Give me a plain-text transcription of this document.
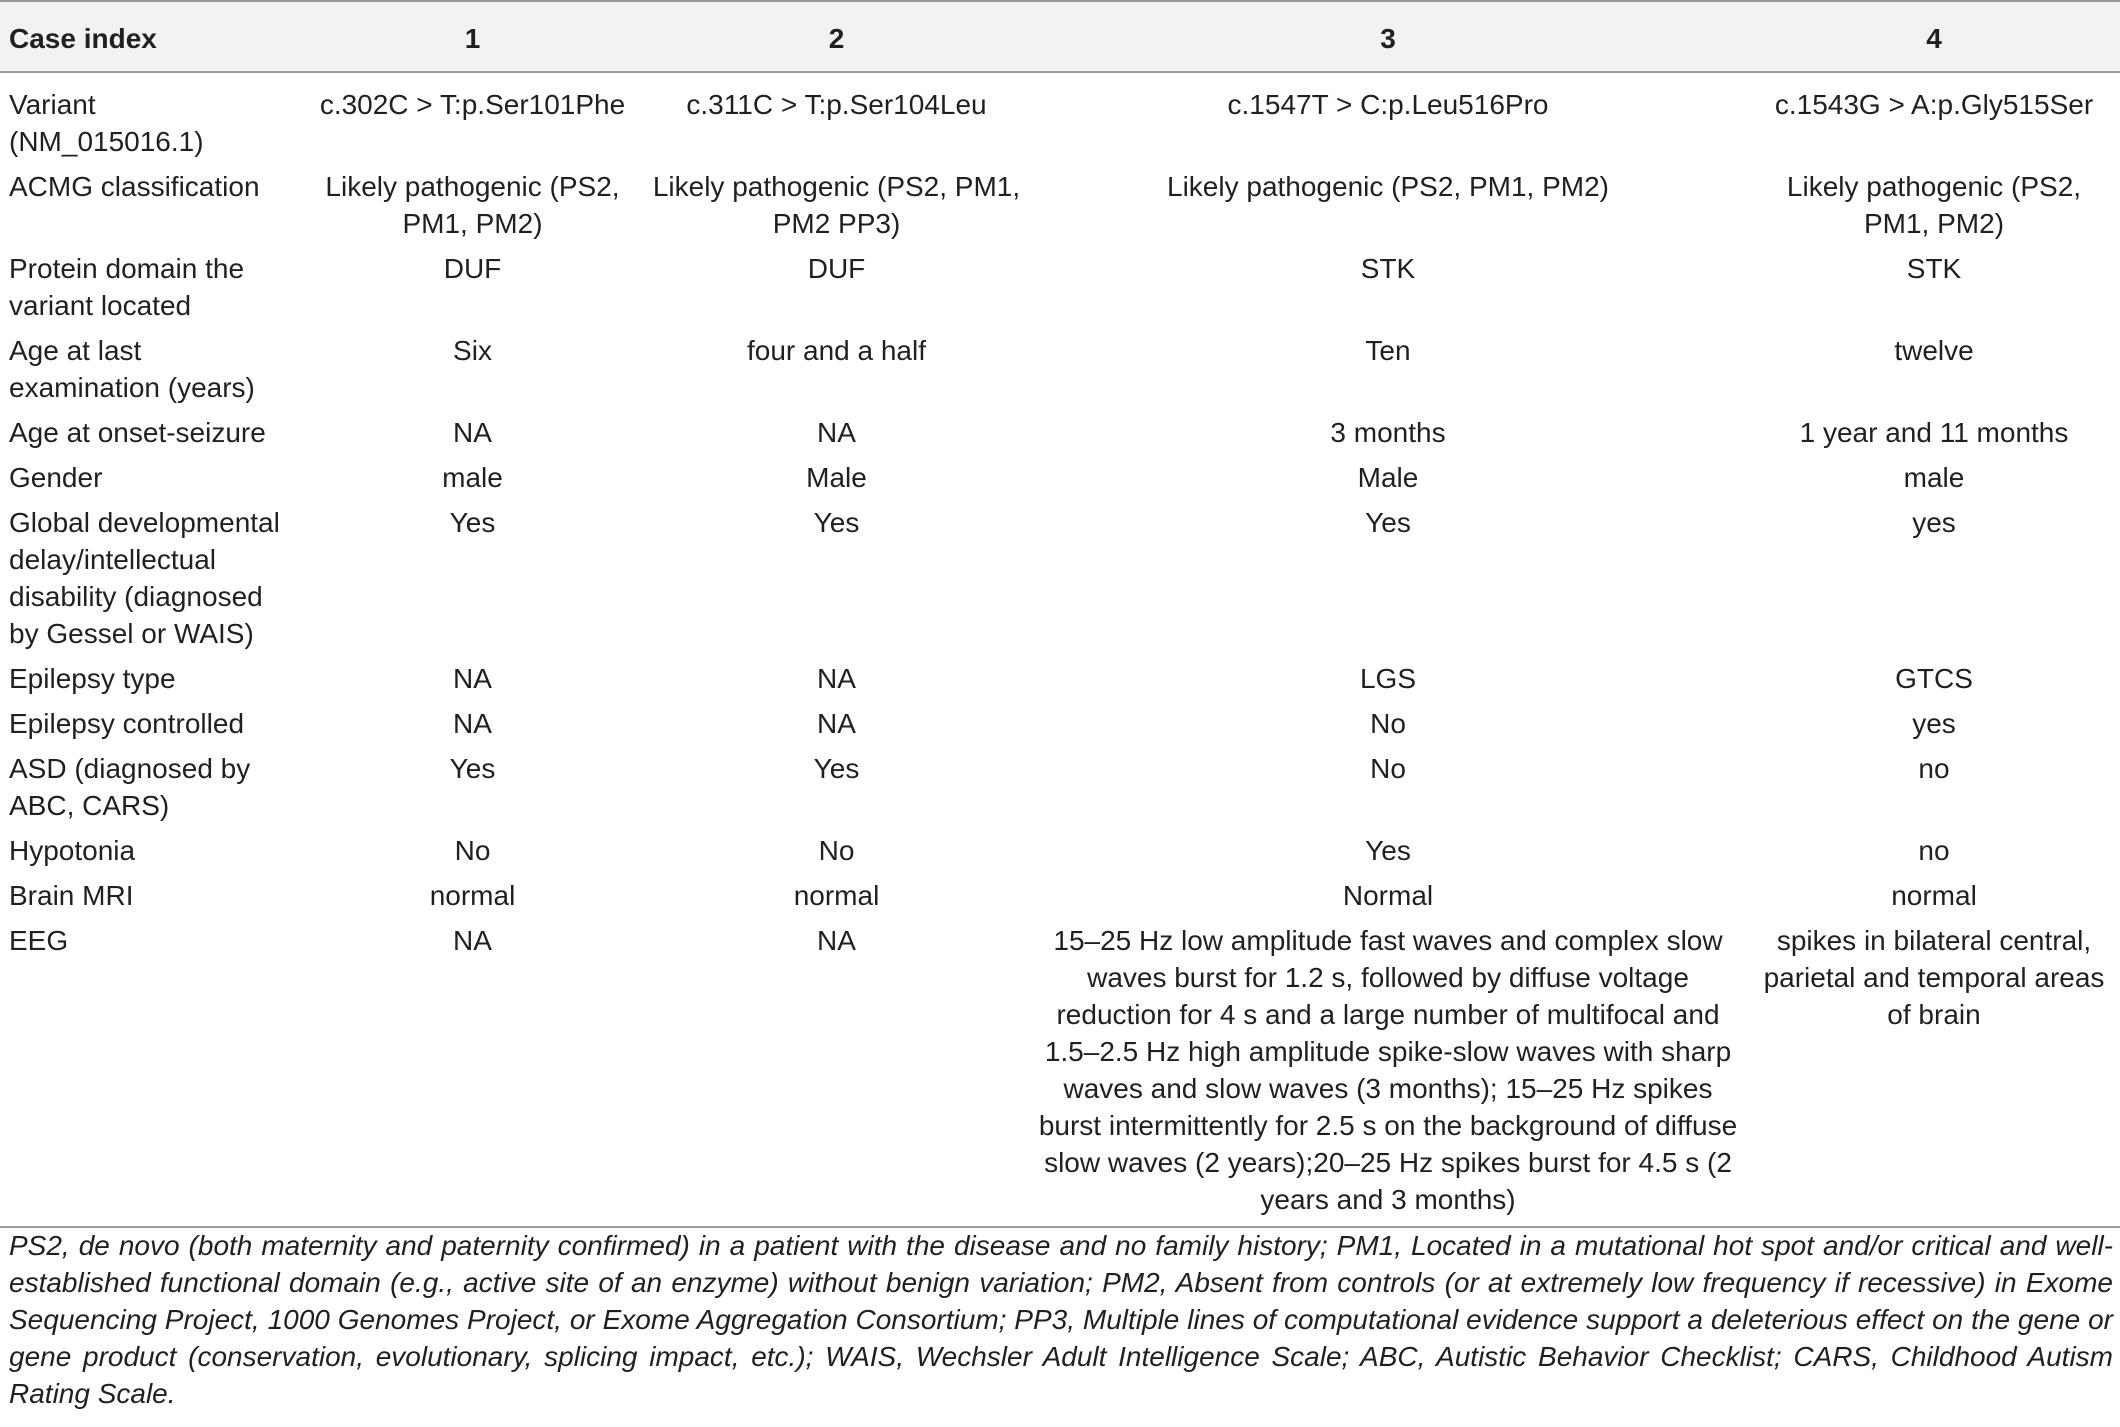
Case index	1	2	3	4
Variant (NM_015016.1)	c.302C > T:p.Ser101Phe	c.311C > T:p.Ser104Leu	c.1547T > C:p.Leu516Pro	c.1543G > A:p.Gly515Ser
ACMG classification	Likely pathogenic (PS2, PM1, PM2)	Likely pathogenic (PS2, PM1, PM2 PP3)	Likely pathogenic (PS2, PM1, PM2)	Likely pathogenic (PS2, PM1, PM2)
Protein domain the variant located	DUF	DUF	STK	STK
Age at last examination (years)	Six	four and a half	Ten	twelve
Age at onset-seizure	NA	NA	3 months	1 year and 11 months
Gender	male	Male	Male	male
Global developmental delay/intellectual disability (diagnosed by Gessel or WAIS)	Yes	Yes	Yes	yes
Epilepsy type	NA	NA	LGS	GTCS
Epilepsy controlled	NA	NA	No	yes
ASD (diagnosed by ABC, CARS)	Yes	Yes	No	no
Hypotonia	No	No	Yes	no
Brain MRI	normal	normal	Normal	normal
EEG	NA	NA	15–25 Hz low amplitude fast waves and complex slow waves burst for 1.2 s, followed by diffuse voltage reduction for 4 s and a large number of multifocal and 1.5–2.5 Hz high amplitude spike-slow waves with sharp waves and slow waves (3 months); 15–25 Hz spikes burst intermittently for 2.5 s on the background of diffuse slow waves (2 years);20–25 Hz spikes burst for 4.5 s (2 years and 3 months)	spikes in bilateral central, parietal and temporal areas of brain
PS2, de novo (both maternity and paternity confirmed) in a patient with the disease and no family history; PM1, Located in a mutational hot spot and/or critical and well-established functional domain (e.g., active site of an enzyme) without benign variation; PM2, Absent from controls (or at extremely low frequency if recessive) in Exome Sequencing Project, 1000 Genomes Project, or Exome Aggregation Consortium; PP3, Multiple lines of computational evidence support a deleterious effect on the gene or gene product (conservation, evolutionary, splicing impact, etc.); WAIS, Wechsler Adult Intelligence Scale; ABC, Autistic Behavior Checklist; CARS, Childhood Autism Rating Scale.
